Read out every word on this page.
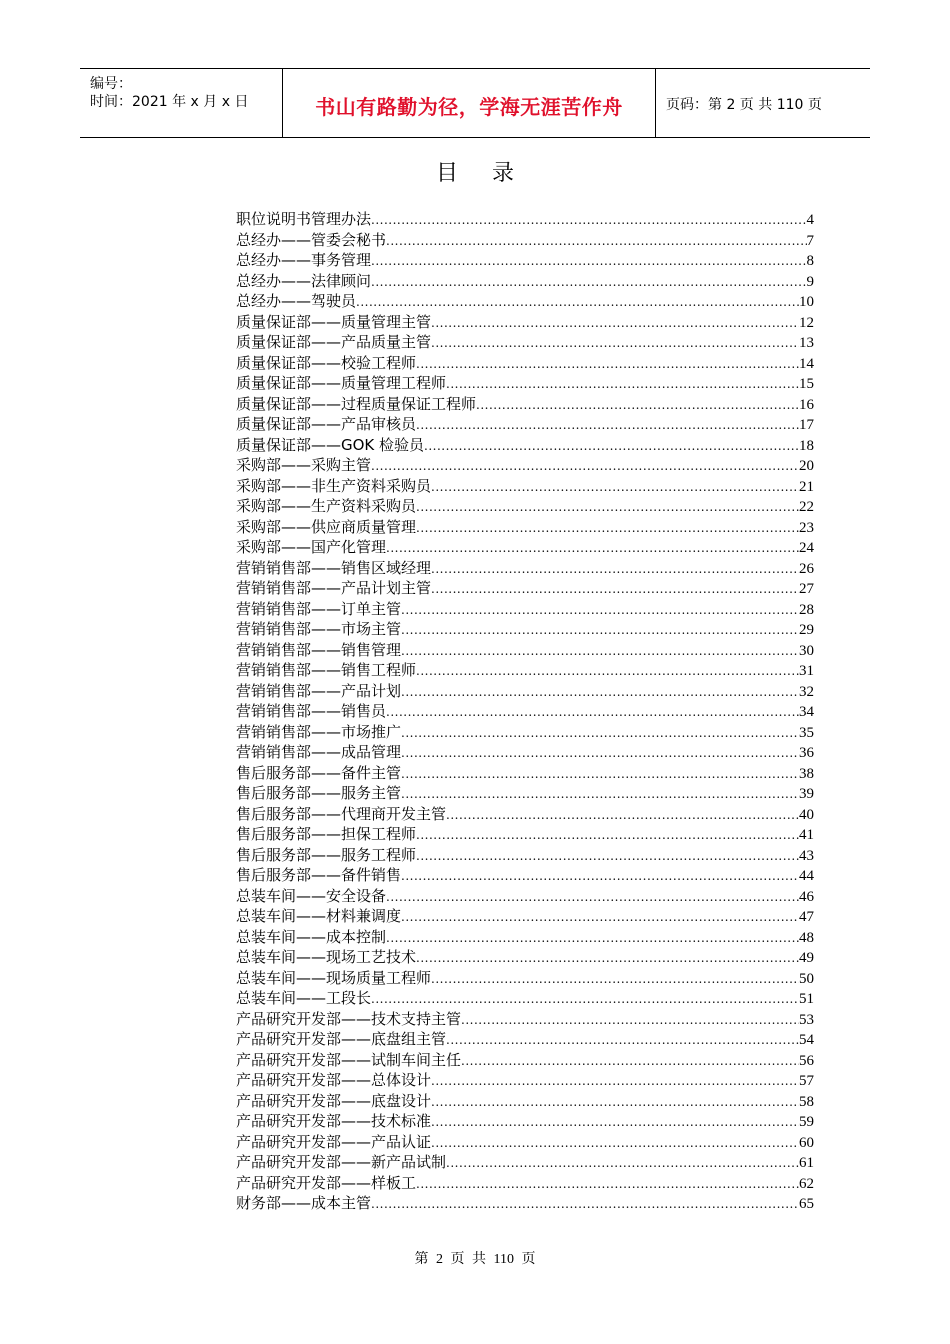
编号：
时间：2021 年 x 月 x 日	书山有路勤为径，学海无涯苦作舟	页码：第 2 页 共 110 页
目录
职位说明书管理办法 .....	4
总经办——管委会秘书 .....	7
总经办——事务管理 .....	8
总经办——法律顾问 .....	9
总经办——驾驶员 .....	10
质量保证部——质量管理主管 .....	12
质量保证部——产品质量主管 .....	13
质量保证部——校验工程师 .....	14
质量保证部——质量管理工程师 .....	15
质量保证部——过程质量保证工程师 .....	16
质量保证部——产品审核员 .....	17
质量保证部——GOK 检验员 .....	18
采购部——采购主管 .....	20
采购部——非生产资料采购员 .....	21
采购部——生产资料采购员 .....	22
采购部——供应商质量管理 .....	23
采购部——国产化管理 .....	24
营销销售部——销售区域经理 .....	26
营销销售部——产品计划主管 .....	27
营销销售部——订单主管 .....	28
营销销售部——市场主管 .....	29
营销销售部——销售管理 .....	30
营销销售部——销售工程师 .....	31
营销销售部——产品计划 .....	32
营销销售部——销售员 .....	34
营销销售部——市场推广 .....	35
营销销售部——成品管理 .....	36
售后服务部——备件主管 .....	38
售后服务部——服务主管 .....	39
售后服务部——代理商开发主管 .....	40
售后服务部——担保工程师 .....	41
售后服务部——服务工程师 .....	43
售后服务部——备件销售 .....	44
总装车间——安全设备 .....	46
总装车间——材料兼调度 .....	47
总装车间——成本控制 .....	48
总装车间——现场工艺技术 .....	49
总装车间——现场质量工程师 .....	50
总装车间——工段长 .....	51
产品研究开发部——技术支持主管 .....	53
产品研究开发部——底盘组主管 .....	54
产品研究开发部——试制车间主任 .....	56
产品研究开发部——总体设计 .....	57
产品研究开发部——底盘设计 .....	58
产品研究开发部——技术标准 .....	59
产品研究开发部——产品认证 .....	60
产品研究开发部——新产品试制 .....	61
产品研究开发部——样板工 .....	62
财务部——成本主管 .....	65
第 2 页 共 110 页
